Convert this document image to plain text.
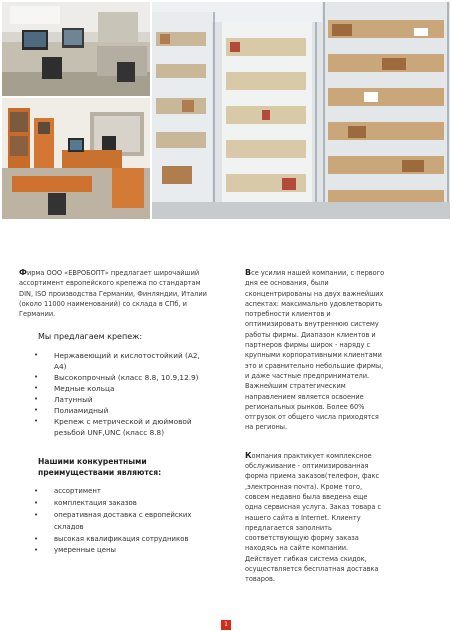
Фирма ООО «ЕВРОБОПТ» предлагает широчайший ассортимент европейского крепежа по стандартам DIN, ISO производства Германии, Финляндии, Италии (около 11000 наименований) со склада в СПб, и Германии.

Мы предлагаем крепеж:

• Нержавеющий и кислотостойкий (А2, А4)
• Высокопрочный (класс 8.8, 10.9,12.9)
• Медные кольца
• Латунный
• Полиамидный
• Крепеж с метрической и дюймовой резьбой UNF,UNC (класс 8.8)

Нашими конкурентными преимуществами являются:

• ассортимент
• комплектация заказов
• оперативная доставка с европейских складов
• высокая квалификация сотрудников
• умеренные цены

Все усилия нашей компании, с первого дня ее основания, были сконцентрированы на двух важнейших аспектах: максимально удовлетворить потребности клиентов и оптимизировать внутреннюю систему работы фирмы. Диапазон клиентов и партнеров фирмы широк - наряду с крупными корпоративными клиентами это и сравнительно небольшие фирмы, и даже частные предприниматели. Важнейшим стратегическим направлением является освоение региональных рынков. Более 60% отгрузок от общего числа приходятся на регионы.

Компания практикует комплексное обслуживание - оптимизированная форма приема заказов(телефон, факс ,электронная почта). Кроме того, совсем недавно была введена еще одна сервисная услуга. Заказ товара с нашего сайта в Internet. Клиенту предлагается заполнить соответствующую форму заказа находясь на сайте компании. Действует гибкая система скидок, осуществляется бесплатная доставка товаров.

1
